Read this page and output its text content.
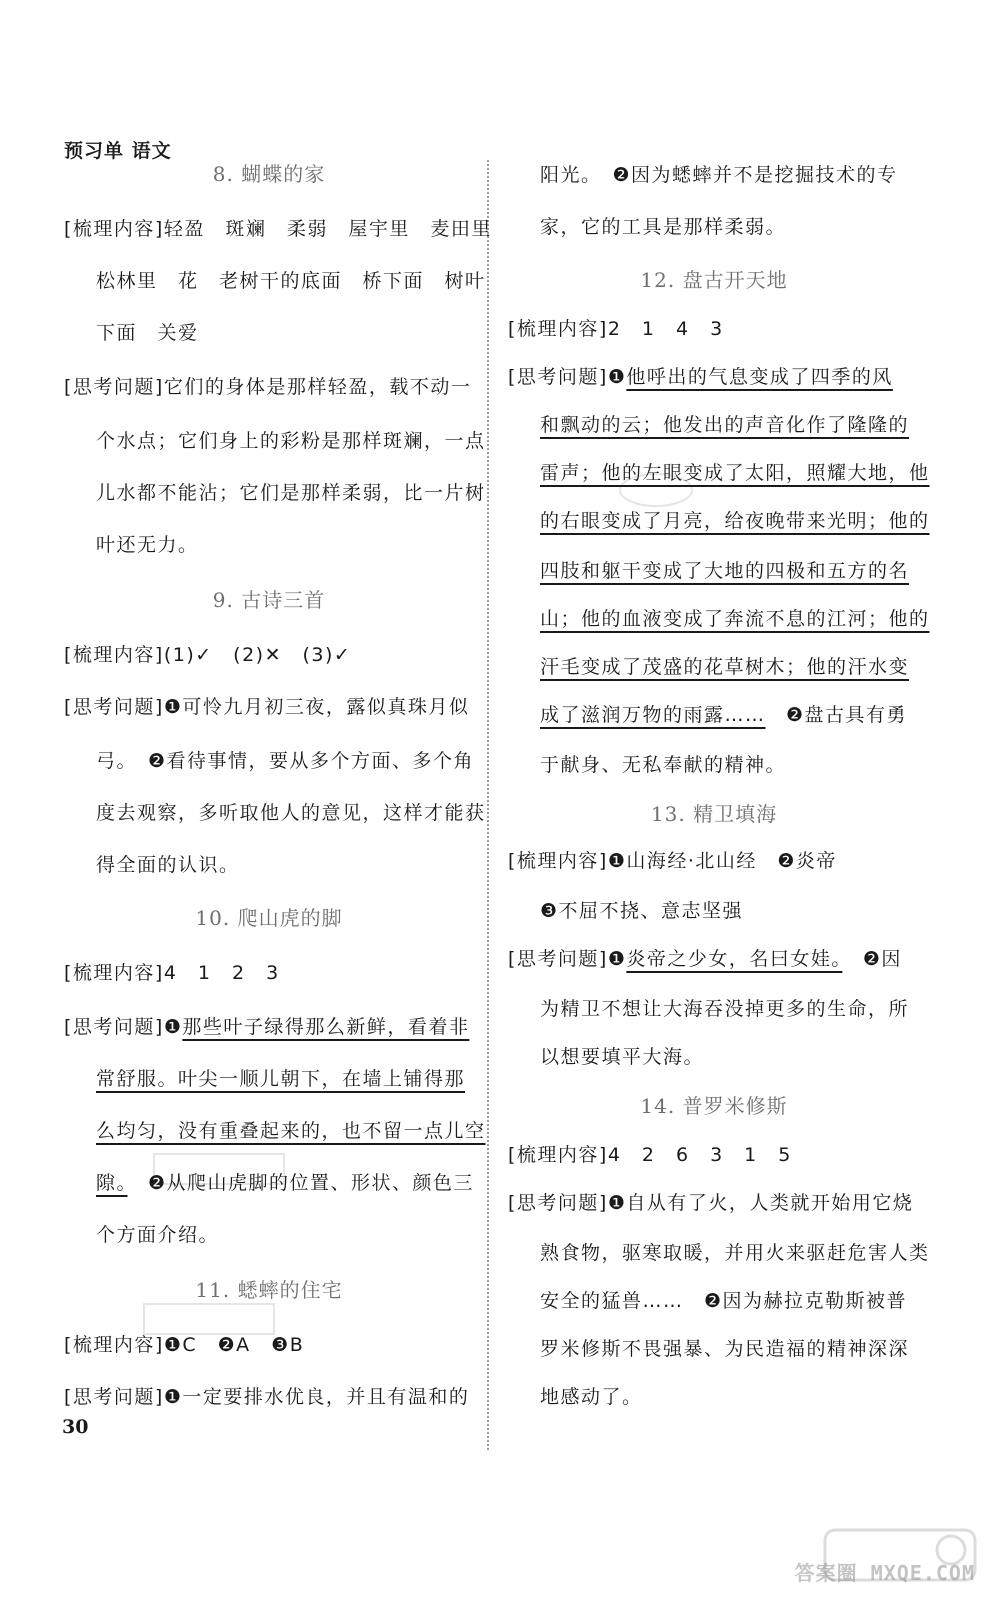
预习单 语文
8. 蝴蝶的家
[梳理内容]轻盈　斑斓　柔弱　屋宇里　麦田里
松林里　花　老树干的底面　桥下面　树叶
下面　关爱
[思考问题]它们的身体是那样轻盈，载不动一
个水点；它们身上的彩粉是那样斑斓，一点
儿水都不能沾；它们是那样柔弱，比一片树
叶还无力。
9. 古诗三首
[梳理内容](1)✓　(2)✕　(3)✓
[思考问题]❶可怜九月初三夜，露似真珠月似
弓。　❷看待事情，要从多个方面、多个角
度去观察，多听取他人的意见，这样才能获
得全面的认识。
10. 爬山虎的脚
[梳理内容]4　1　2　3
[思考问题]❶那些叶子绿得那么新鲜，看着非
常舒服。叶尖一顺儿朝下，在墙上铺得那
么均匀，没有重叠起来的，也不留一点儿空
隙。　❷从爬山虎脚的位置、形状、颜色三
个方面介绍。
11. 蟋蟀的住宅
[梳理内容]❶C　❷A　❸B
[思考问题]❶一定要排水优良，并且有温和的
阳光。　❷因为蟋蟀并不是挖掘技术的专
家，它的工具是那样柔弱。
12. 盘古开天地
[梳理内容]2　1　4　3
[思考问题]❶他呼出的气息变成了四季的风
和飘动的云；他发出的声音化作了隆隆的
雷声；他的左眼变成了太阳，照耀大地，他
的右眼变成了月亮，给夜晚带来光明；他的
四肢和躯干变成了大地的四极和五方的名
山；他的血液变成了奔流不息的江河；他的
汗毛变成了茂盛的花草树木；他的汗水变
成了滋润万物的雨露……　❷盘古具有勇
于献身、无私奉献的精神。
13. 精卫填海
[梳理内容]❶山海经·北山经　❷炎帝
❸不屈不挠、意志坚强
[思考问题]❶炎帝之少女，名曰女娃。　❷因
为精卫不想让大海吞没掉更多的生命，所
以想要填平大海。
14. 普罗米修斯
[梳理内容]4　2　6　3　1　5
[思考问题]❶自从有了火，人类就开始用它烧
熟食物，驱寒取暖，并用火来驱赶危害人类
安全的猛兽……　❷因为赫拉克勒斯被普
罗米修斯不畏强暴、为民造福的精神深深
地感动了。
30
答案圈 MXQE.COM
